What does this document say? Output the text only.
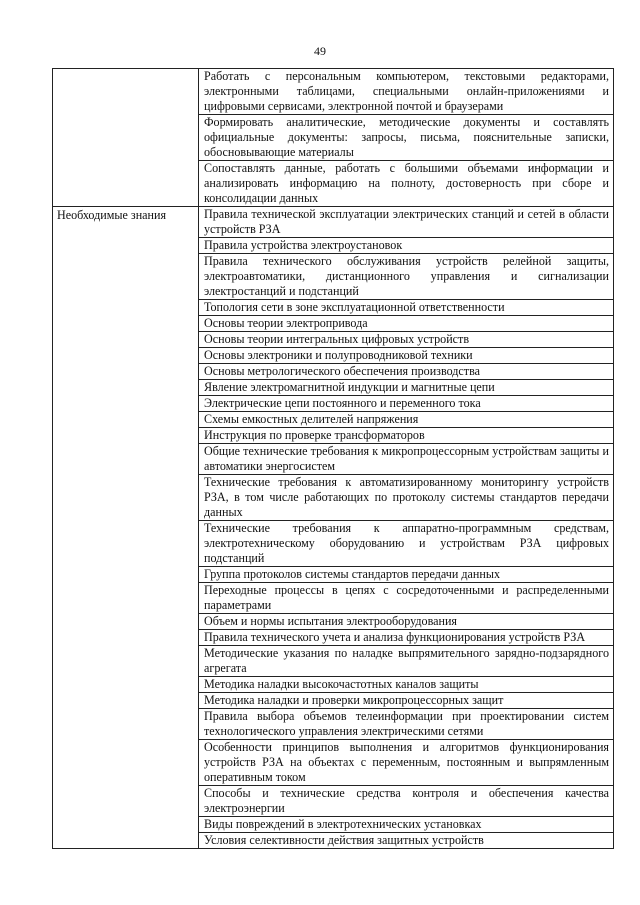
49
	Работать с персональным компьютером, текстовыми редакторами, электронными таблицами, специальными онлайн-приложениями и цифровыми сервисами, электронной почтой и браузерами
	Формировать аналитические, методические документы и составлять официальные документы: запросы, письма, пояснительные записки, обосновывающие материалы
	Сопоставлять данные, работать с большими объемами информации и анализировать информацию на полноту, достоверность при сборе и консолидации данных
Необходимые знания	Правила технической эксплуатации электрических станций и сетей в области устройств РЗА
	Правила устройства электроустановок
	Правила технического обслуживания устройств релейной защиты, электроавтоматики, дистанционного управления и сигнализации электростанций и подстанций
	Топология сети в зоне эксплуатационной ответственности
	Основы теории электропривода
	Основы теории интегральных цифровых устройств
	Основы электроники и полупроводниковой техники
	Основы метрологического обеспечения производства
	Явление электромагнитной индукции и магнитные цепи
	Электрические цепи постоянного и переменного тока
	Схемы емкостных делителей напряжения
	Инструкция по проверке трансформаторов
	Общие технические требования к микропроцессорным устройствам защиты и автоматики энергосистем
	Технические требования к автоматизированному мониторингу устройств РЗА, в том числе работающих по протоколу системы стандартов передачи данных
	Технические требования к аппаратно-программным средствам, электротехническому оборудованию и устройствам РЗА цифровых подстанций
	Группа протоколов системы стандартов передачи данных
	Переходные процессы в цепях с сосредоточенными и распределенными параметрами
	Объем и нормы испытания электрооборудования
	Правила технического учета и анализа функционирования устройств РЗА
	Методические указания по наладке выпрямительного зарядно-подзарядного агрегата
	Методика наладки высокочастотных каналов защиты
	Методика наладки и проверки микропроцессорных защит
	Правила выбора объемов телеинформации при проектировании систем технологического управления электрическими сетями
	Особенности принципов выполнения и алгоритмов функционирования устройств РЗА на объектах с переменным, постоянным и выпрямленным оперативным током
	Способы и технические средства контроля и обеспечения качества электроэнергии
	Виды повреждений в электротехнических установках
	Условия селективности действия защитных устройств
